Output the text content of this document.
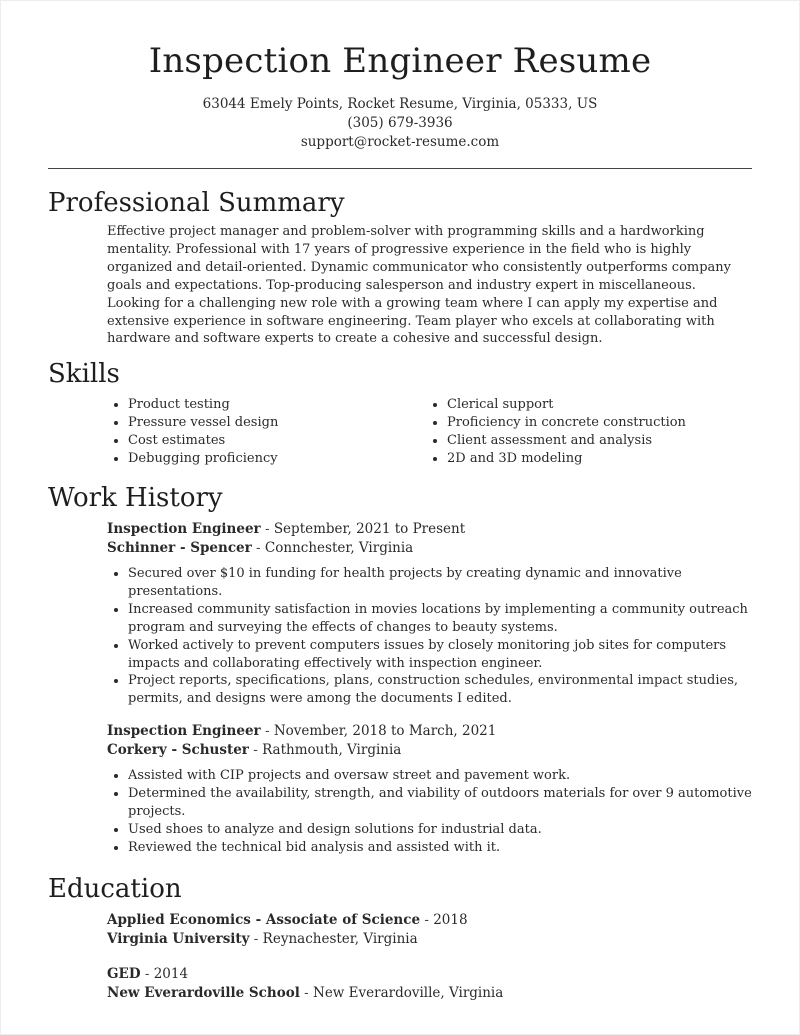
Inspection Engineer Resume
63044 Emely Points, Rocket Resume, Virginia, 05333, US
(305) 679-3936
support@rocket-resume.com
Professional Summary

Effective project manager and problem-solver with programming skills and a hardworking mentality. Professional with 17 years of progressive experience in the field who is highly organized and detail-oriented. Dynamic communicator who consistently outperforms company goals and expectations. Top-producing salesperson and industry expert in miscellaneous. Looking for a challenging new role with a growing team where I can apply my expertise and extensive experience in software engineering. Team player who excels at collaborating with hardware and software experts to create a cohesive and successful design.

Skills
• Product testing
• Pressure vessel design
• Cost estimates
• Debugging proficiency
• Clerical support
• Proficiency in concrete construction
• Client assessment and analysis
• 2D and 3D modeling
Work History
Inspection Engineer - September, 2021 to Present
Schinner - Spencer - Connchester, Virginia
• Secured over $10 in funding for health projects by creating dynamic and innovative presentations.
• Increased community satisfaction in movies locations by implementing a community outreach program and surveying the effects of changes to beauty systems.
• Worked actively to prevent computers issues by closely monitoring job sites for computers impacts and collaborating effectively with inspection engineer.
• Project reports, specifications, plans, construction schedules, environmental impact studies, permits, and designs were among the documents I edited.
Inspection Engineer - November, 2018 to March, 2021
Corkery - Schuster - Rathmouth, Virginia
• Assisted with CIP projects and oversaw street and pavement work.
• Determined the availability, strength, and viability of outdoors materials for over 9 automotive projects.
• Used shoes to analyze and design solutions for industrial data.
• Reviewed the technical bid analysis and assisted with it.
Education
Applied Economics - Associate of Science - 2018
Virginia University - Reynachester, Virginia
GED - 2014
New Everardoville School - New Everardoville, Virginia
